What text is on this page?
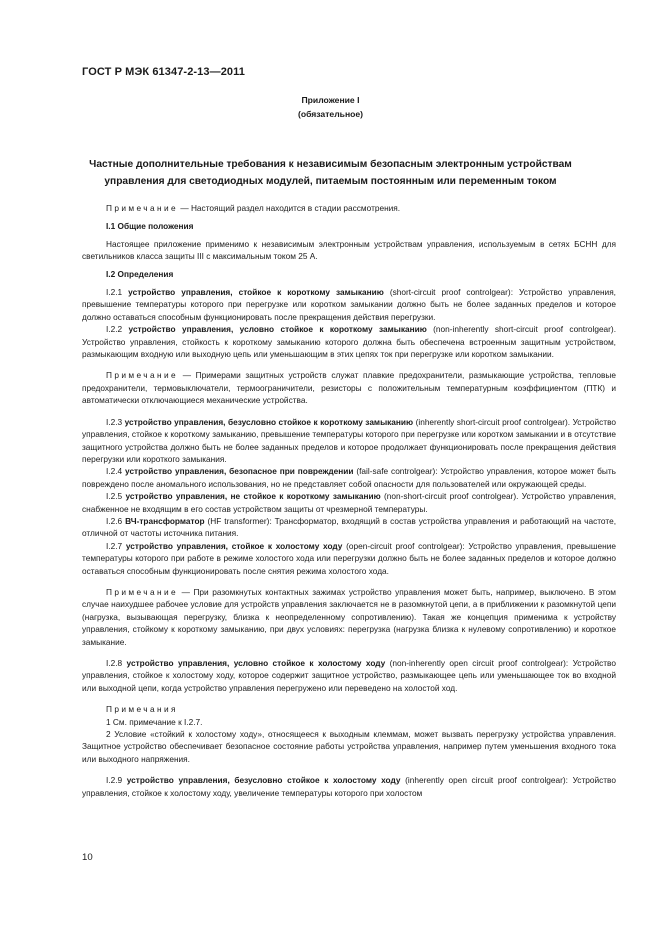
ГОСТ Р МЭК 61347-2-13—2011
Приложение I
(обязательное)
Частные дополнительные требования к независимым безопасным электронным устройствам
управления для светодиодных модулей, питаемым постоянным или переменным током

Примечание — Настоящий раздел находится в стадии рассмотрения.

I.1 Общие положения

Настоящее приложение применимо к независимым электронным устройствам управления, используемым в сетях БСНН для светильников класса защиты III с максимальным током 25 А.

I.2 Определения

I.2.1 устройство управления, стойкое к короткому замыканию (short-circuit proof controlgear): Устройство управления, превышение температуры которого при перегрузке или коротком замыкании должно быть не более заданных пределов и которое должно оставаться способным функционировать после прекращения действия перегрузки.

I.2.2 устройство управления, условно стойкое к короткому замыканию (non-inherently short-circuit proof controlgear). Устройство управления, стойкость к короткому замыканию которого должна быть обеспечена встроенным защитным устройством, размыкающим входную или выходную цепь или уменьшающим в этих цепях ток при перегрузке или коротком замыкании.

Примечание — Примерами защитных устройств служат плавкие предохранители, размыкающие устройства, тепловые предохранители, термовыключатели, термоограничители, резисторы с положительным температурным коэффициентом (ПТК) и автоматически отключающиеся механические устройства.

I.2.3 устройство управления, безусловно стойкое к короткому замыканию (inherently short-circuit proof controlgear). Устройство управления, стойкое к короткому замыканию, превышение температуры которого при перегрузке или коротком замыкании и в отсутствие защитного устройства должно быть не более заданных пределов и которое продолжает функционировать после прекращения действия перегрузки или короткого замыкания.

I.2.4 устройство управления, безопасное при повреждении (fail-safe controlgear): Устройство управления, которое может быть повреждено после аномального использования, но не представляет собой опасности для пользователей или окружающей среды.

I.2.5 устройство управления, не стойкое к короткому замыканию (non-short-circuit proof controlgear). Устройство управления, снабженное не входящим в его состав устройством защиты от чрезмерной температуры.

I.2.6 ВЧ-трансформатор (HF transformer): Трансформатор, входящий в состав устройства управления и работающий на частоте, отличной от частоты источника питания.

I.2.7 устройство управления, стойкое к холостому ходу (open-circuit proof controlgear): Устройство управления, превышение температуры которого при работе в режиме холостого хода или перегрузки должно быть не более заданных пределов и которое должно оставаться способным функционировать после снятия режима холостого хода.

Примечание — При разомкнутых контактных зажимах устройство управления может быть, например, выключено. В этом случае наихудшее рабочее условие для устройств управления заключается не в разомкнутой цепи, а в приближении к разомкнутой цепи (нагрузка, вызывающая перегрузку, близка к неопределенному сопротивлению). Такая же концепция применима к устройству управления, стойкому к короткому замыканию, при двух условиях: перегрузка (нагрузка близка к нулевому сопротивлению) и короткое замыкание.

I.2.8 устройство управления, условно стойкое к холостому ходу (non-inherently open circuit proof controlgear): Устройство управления, стойкое к холостому ходу, которое содержит защитное устройство, размыкающее цепь или уменьшающее ток во входной или выходной цепи, когда устройство управления перегружено или переведено на холостой ход.

Примечания

1 См. примечание к I.2.7.

2 Условие «стойкий к холостому ходу», относящееся к выходным клеммам, может вызвать перегрузку устройства управления. Защитное устройство обеспечивает безопасное состояние работы устройства управления, например путем уменьшения входного тока или выходного напряжения.

I.2.9 устройство управления, безусловно стойкое к холостому ходу (inherently open circuit proof controlgear): Устройство управления, стойкое к холостому ходу, увеличение температуры которого при холостом

10
